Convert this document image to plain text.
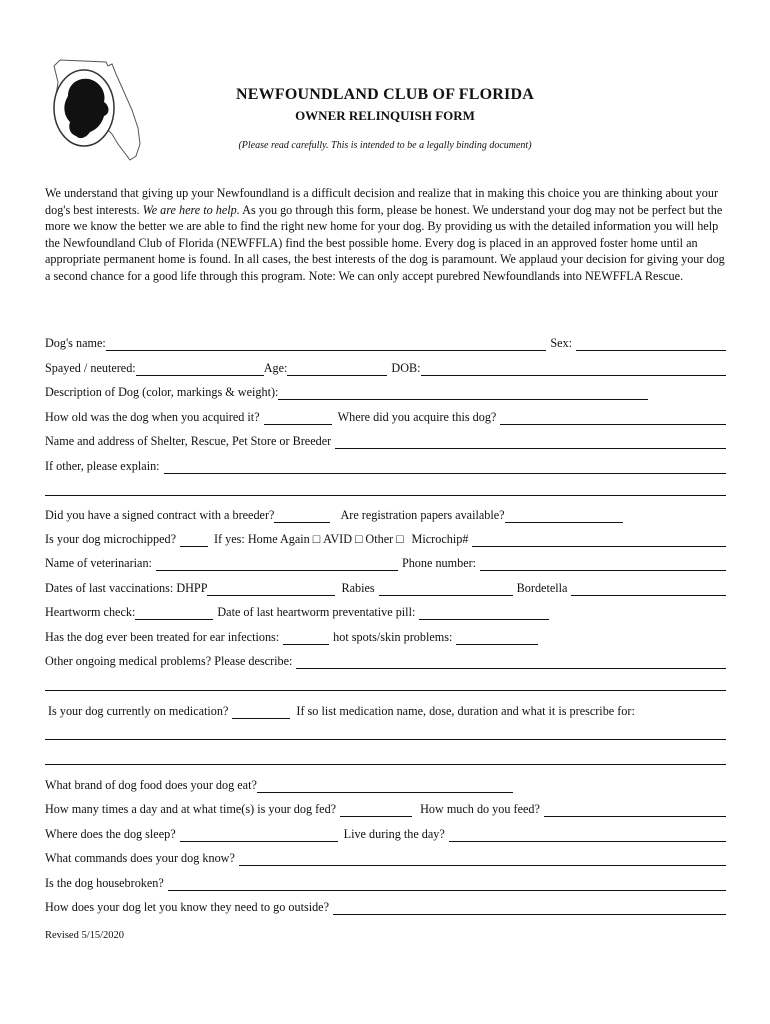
NEWFOUNDLAND CLUB OF FLORIDA
OWNER RELINQUISH FORM
(Please read carefully. This is intended to be a legally binding document)
We understand that giving up your Newfoundland is a difficult decision and realize that in making this choice you are thinking about your dog's best interests. We are here to help. As you go through this form, please be honest. We understand your dog may not be perfect but the more we know the better we are able to find the right new home for your dog. By providing us with the detailed information you will help the Newfoundland Club of Florida (NEWFFLA) find the best possible home. Every dog is placed in an approved foster home until an appropriate permanent home is found. In all cases, the best interests of the dog is paramount. We applaud your decision for giving your dog a second chance for a good life through this program. Note: We can only accept purebred Newfoundlands into NEWFFLA Rescue.
Dog's name:	Sex:
Spayed / neutered:	Age:	DOB:
Description of Dog (color, markings & weight):
How old was the dog when you acquired it?	Where did you acquire this dog?
Name and address of Shelter, Rescue, Pet Store or Breeder
If other, please explain:
Did you have a signed contract with a breeder?	Are registration papers available?
Is your dog microchipped?	If yes: Home Again □ AVID □ Other □ Microchip#
Name of veterinarian:	Phone number:
Dates of last vaccinations: DHPP	Rabies	Bordetella
Heartworm check:	Date of last heartworm preventative pill:
Has the dog ever been treated for ear infections:	hot spots/skin problems:
Other ongoing medical problems? Please describe:
Is your dog currently on medication?	If so list medication name, dose, duration and what it is prescribe for:
What brand of dog food does your dog eat?
How many times a day and at what time(s) is your dog fed?	How much do you feed?
Where does the dog sleep?	Live during the day?
What commands does your dog know?
Is the dog housebroken?
How does your dog let you know they need to go outside?
Revised 5/15/2020
